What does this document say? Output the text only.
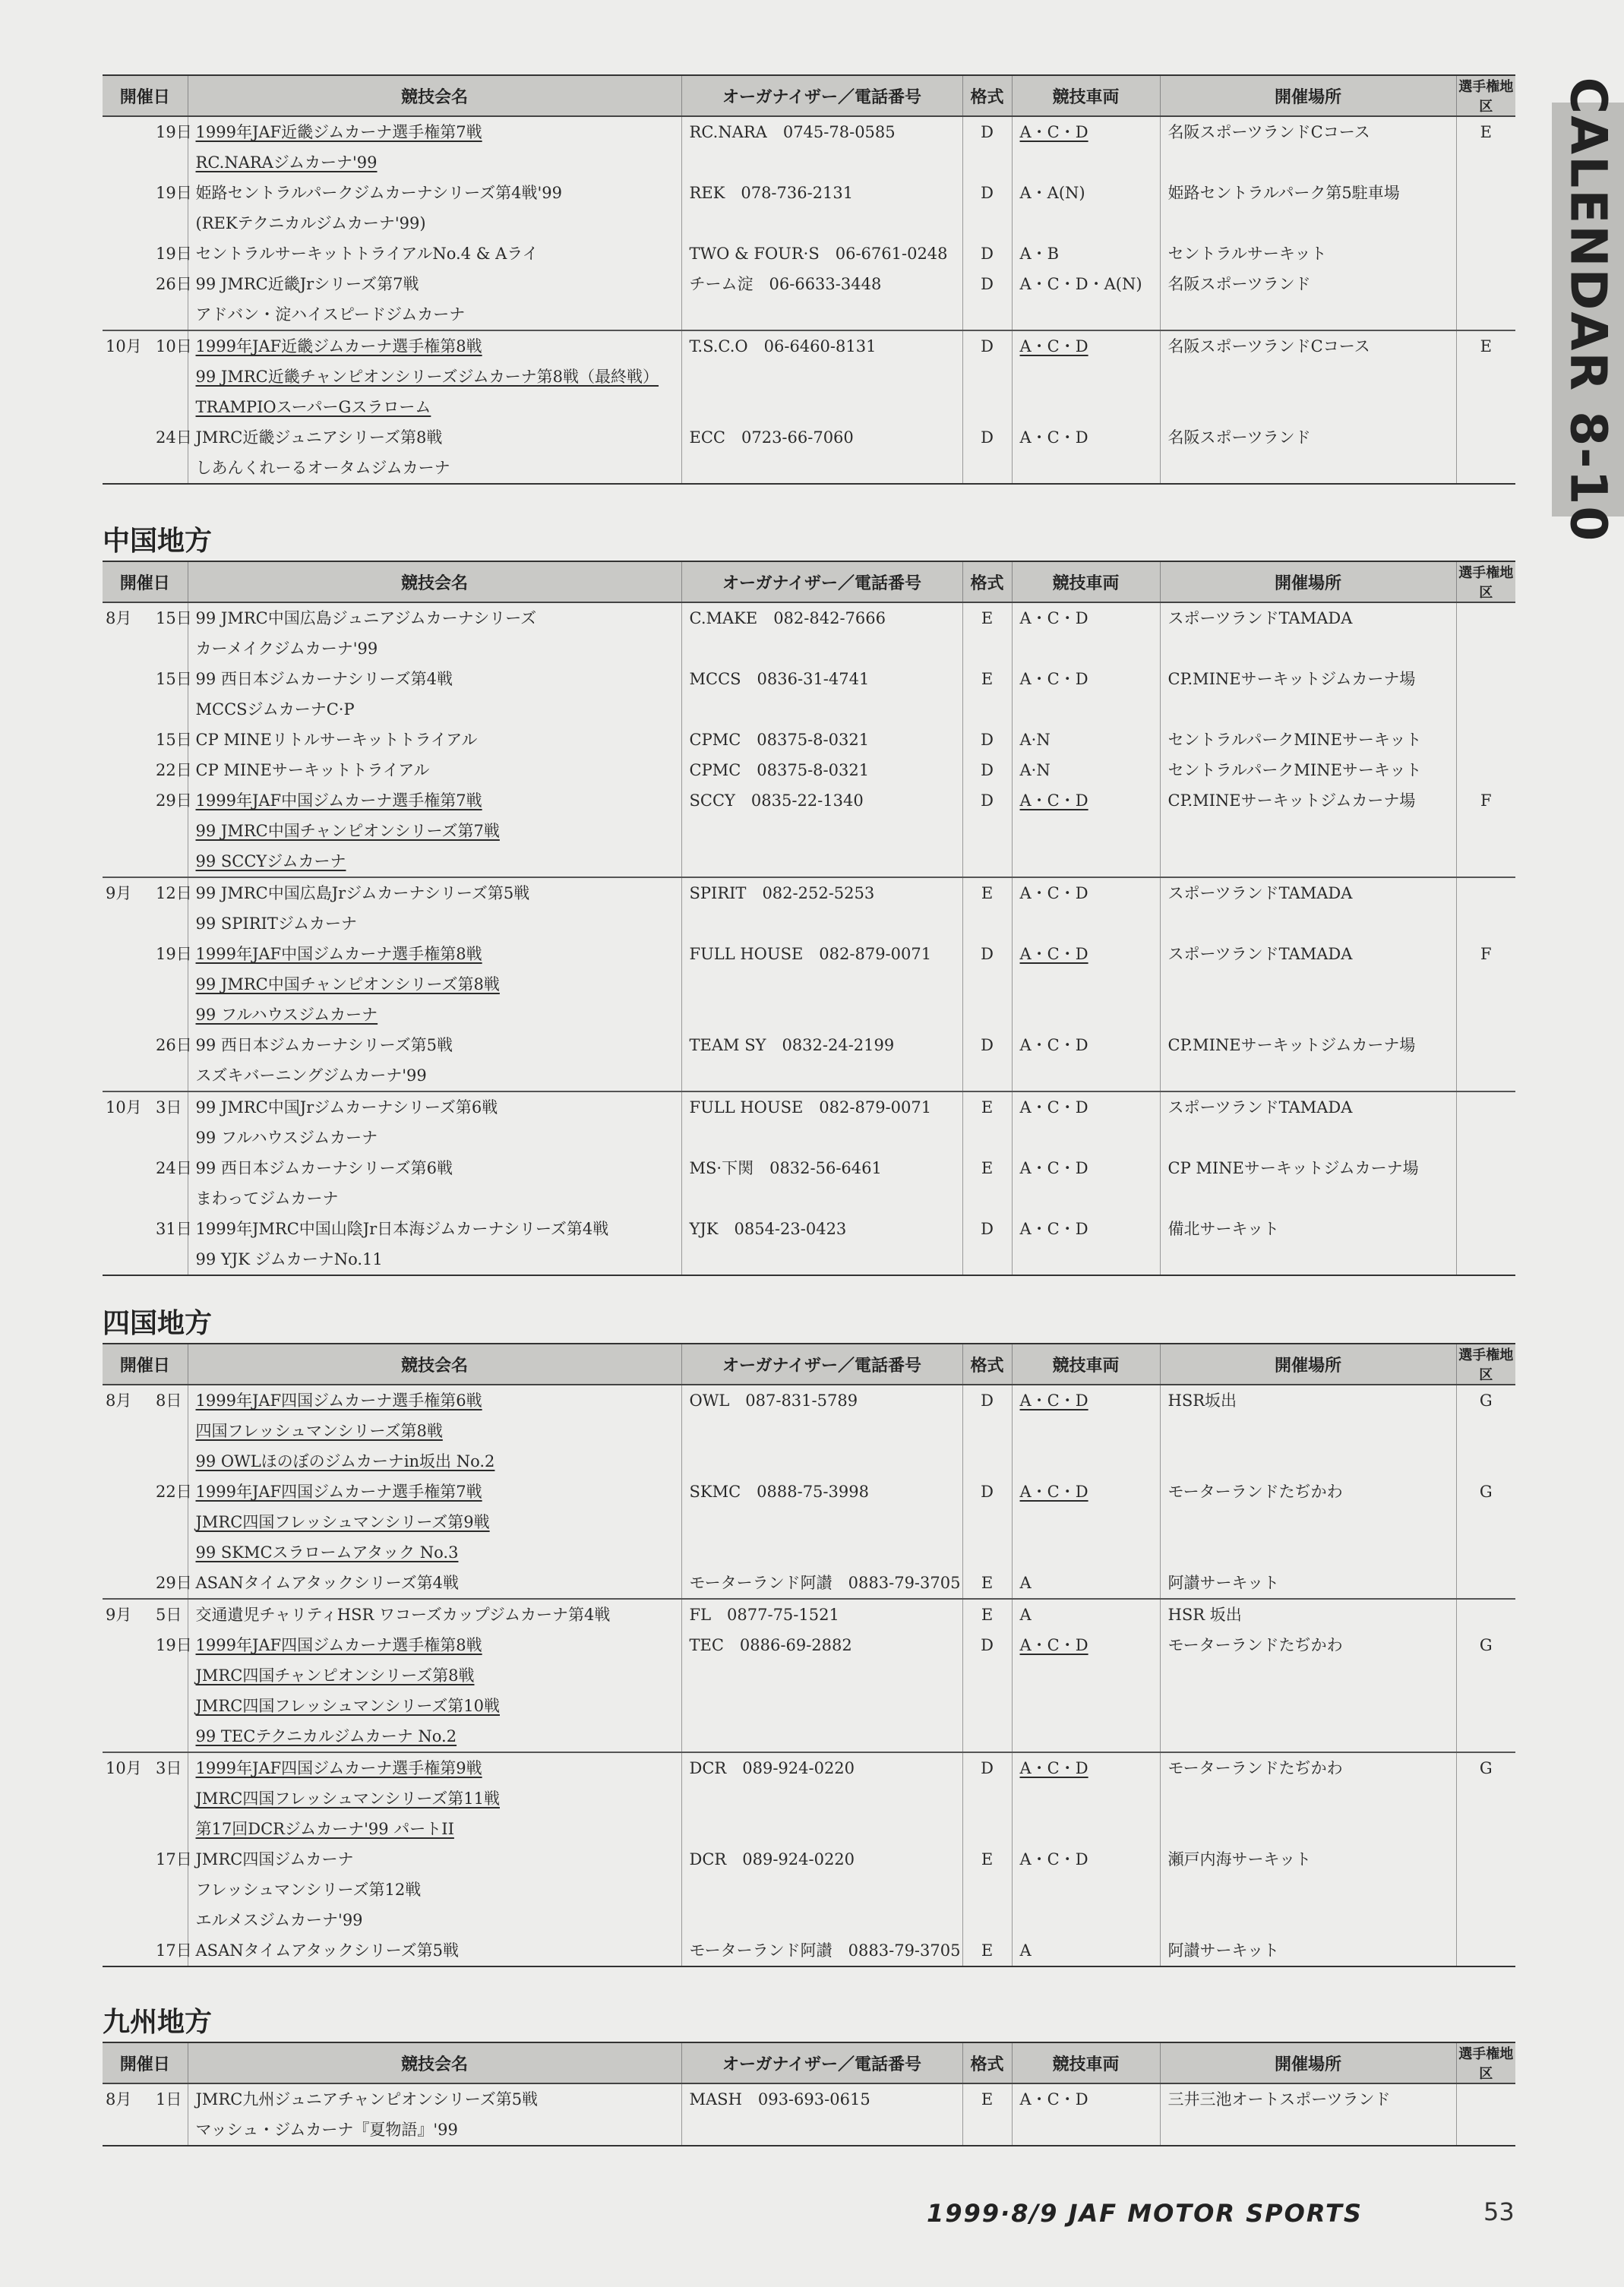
CALENDAR 8-10
開催日		競技会名	オーガナイザー／電話番号	格式	競技車両	開催場所	選手権地区
	19日	1999年JAF近畿ジムカーナ選手権第7戦	RC.NARA　0745-78-0585	D	A・C・D	名阪スポーツランドCコース	E
		RC.NARAジムカーナ'99					
	19日	姫路セントラルパークジムカーナシリーズ第4戦'99	REK　078-736-2131	D	A・A(N)	姫路セントラルパーク第5駐車場	
		(REKテクニカルジムカーナ'99)					
	19日	セントラルサーキットトライアルNo.4 & Aライ	TWO & FOUR·S　06-6761-0248	D	A・B	セントラルサーキット	
	26日	99 JMRC近畿Jrシリーズ第7戦	チーム淀　06-6633-3448	D	A・C・D・A(N)	名阪スポーツランド	
		アドバン・淀ハイスピードジムカーナ					
10月	10日	1999年JAF近畿ジムカーナ選手権第8戦	T.S.C.O　06-6460-8131	D	A・C・D	名阪スポーツランドCコース	E
		99 JMRC近畿チャンピオンシリーズジムカーナ第8戦（最終戦）					
		TRAMPIOスーパーGスラローム					
	24日	JMRC近畿ジュニアシリーズ第8戦	ECC　0723-66-7060	D	A・C・D	名阪スポーツランド	
		しあんくれーるオータムジムカーナ					
中国地方
開催日		競技会名	オーガナイザー／電話番号	格式	競技車両	開催場所	選手権地区
8月	15日	99 JMRC中国広島ジュニアジムカーナシリーズ	C.MAKE　082-842-7666	E	A・C・D	スポーツランドTAMADA	
		カーメイクジムカーナ'99					
	15日	99 西日本ジムカーナシリーズ第4戦	MCCS　0836-31-4741	E	A・C・D	CP.MINEサーキットジムカーナ場	
		MCCSジムカーナC·P					
	15日	CP MINEリトルサーキットトライアル	CPMC　08375-8-0321	D	A·N	セントラルパークMINEサーキット	
	22日	CP MINEサーキットトライアル	CPMC　08375-8-0321	D	A·N	セントラルパークMINEサーキット	
	29日	1999年JAF中国ジムカーナ選手権第7戦	SCCY　0835-22-1340	D	A・C・D	CP.MINEサーキットジムカーナ場	F
		99 JMRC中国チャンピオンシリーズ第7戦					
		99 SCCYジムカーナ					
9月	12日	99 JMRC中国広島Jrジムカーナシリーズ第5戦	SPIRIT　082-252-5253	E	A・C・D	スポーツランドTAMADA	
		99 SPIRITジムカーナ					
	19日	1999年JAF中国ジムカーナ選手権第8戦	FULL HOUSE　082-879-0071	D	A・C・D	スポーツランドTAMADA	F
		99 JMRC中国チャンピオンシリーズ第8戦					
		99 フルハウスジムカーナ					
	26日	99 西日本ジムカーナシリーズ第5戦	TEAM SY　0832-24-2199	D	A・C・D	CP.MINEサーキットジムカーナ場	
		スズキバーニングジムカーナ'99					
10月	3日	99 JMRC中国Jrジムカーナシリーズ第6戦	FULL HOUSE　082-879-0071	E	A・C・D	スポーツランドTAMADA	
		99 フルハウスジムカーナ					
	24日	99 西日本ジムカーナシリーズ第6戦	MS·下関　0832-56-6461	E	A・C・D	CP MINEサーキットジムカーナ場	
		まわってジムカーナ					
	31日	1999年JMRC中国山陰Jr日本海ジムカーナシリーズ第4戦	YJK　0854-23-0423	D	A・C・D	備北サーキット	
		99 YJK ジムカーナNo.11					
四国地方
開催日		競技会名	オーガナイザー／電話番号	格式	競技車両	開催場所	選手権地区
8月	8日	1999年JAF四国ジムカーナ選手権第6戦	OWL　087-831-5789	D	A・C・D	HSR坂出	G
		四国フレッシュマンシリーズ第8戦					
		99 OWLほのぼのジムカーナin坂出 No.2					
	22日	1999年JAF四国ジムカーナ選手権第7戦	SKMC　0888-75-3998	D	A・C・D	モーターランドたぢかわ	G
		JMRC四国フレッシュマンシリーズ第9戦					
		99 SKMCスラロームアタック No.3					
	29日	ASANタイムアタックシリーズ第4戦	モーターランド阿讃　0883-79-3705	E	A	阿讃サーキット	
9月	5日	交通遺児チャリティHSR ワコーズカップジムカーナ第4戦	FL　0877-75-1521	E	A	HSR 坂出	
	19日	1999年JAF四国ジムカーナ選手権第8戦	TEC　0886-69-2882	D	A・C・D	モーターランドたぢかわ	G
		JMRC四国チャンピオンシリーズ第8戦					
		JMRC四国フレッシュマンシリーズ第10戦					
		99 TECテクニカルジムカーナ No.2					
10月	3日	1999年JAF四国ジムカーナ選手権第9戦	DCR　089-924-0220	D	A・C・D	モーターランドたぢかわ	G
		JMRC四国フレッシュマンシリーズ第11戦					
		第17回DCRジムカーナ'99 パートII					
	17日	JMRC四国ジムカーナ	DCR　089-924-0220	E	A・C・D	瀬戸内海サーキット	
		フレッシュマンシリーズ第12戦					
		エルメスジムカーナ'99					
	17日	ASANタイムアタックシリーズ第5戦	モーターランド阿讃　0883-79-3705	E	A	阿讃サーキット	
九州地方
開催日		競技会名	オーガナイザー／電話番号	格式	競技車両	開催場所	選手権地区
8月	1日	JMRC九州ジュニアチャンピオンシリーズ第5戦	MASH　093-693-0615	E	A・C・D	三井三池オートスポーツランド	
		マッシュ・ジムカーナ『夏物語』'99					
1999·8/9 JAF MOTOR SPORTS	53
